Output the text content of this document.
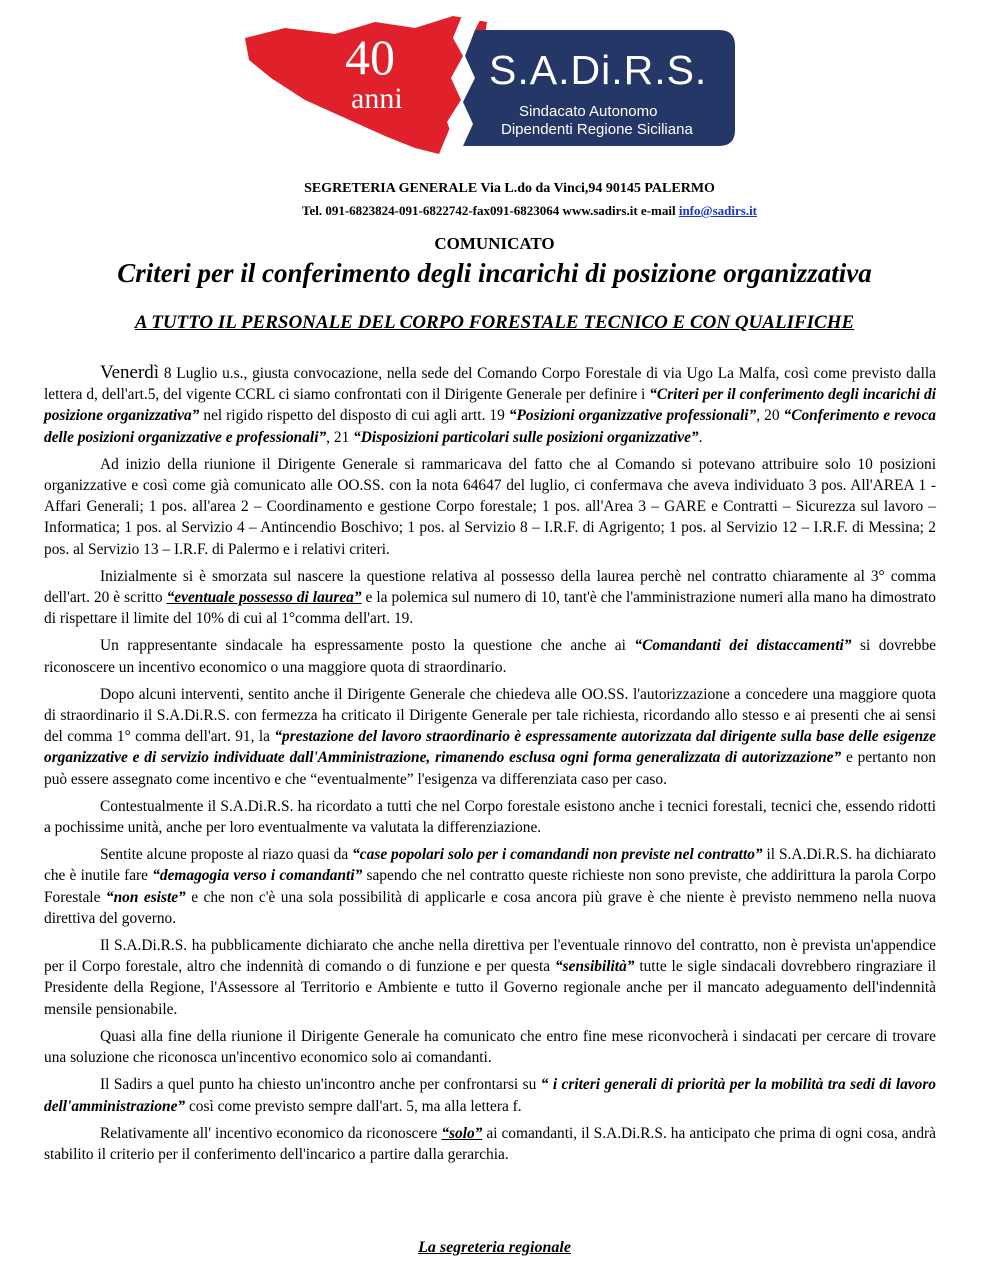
40
anni
S.A.Di.R.S.
Sindacato Autonomo
Dipendenti Regione Siciliana
SEGRETERIA GENERALE Via L.do da Vinci,94 90145 PALERMO
Tel. 091-6823824-091-6822742-fax091-6823064 www.sadirs.it e-mail info@sadirs.it
COMUNICATO
Criteri per il conferimento degli incarichi di posizione organizzativa
A TUTTO IL PERSONALE DEL CORPO FORESTALE TECNICO E CON QUALIFICHE

Venerdì 8 Luglio u.s., giusta convocazione, nella sede del Comando Corpo Forestale di via Ugo La Malfa, così come previsto dalla lettera d, dell'art.5, del vigente CCRL ci siamo confrontati con il Dirigente Generale per definire i “Criteri per il conferimento degli incarichi di posizione organizzativa” nel rigido rispetto del disposto di cui agli artt. 19 “Posizioni organizzative professionali”, 20 “Conferimento e revoca delle posizioni organizzative e professionali”, 21 “Disposizioni particolari sulle posizioni organizzative”.

Ad inizio della riunione il Dirigente Generale si rammaricava del fatto che al Comando si potevano attribuire solo 10 posizioni organizzative e così come già comunicato alle OO.SS. con la nota 64647 del luglio, ci confermava che aveva individuato 3 pos. All'AREA 1 - Affari Generali; 1 pos. all'area 2 – Coordinamento e gestione Corpo forestale; 1 pos. all'Area 3 – GARE e Contratti – Sicurezza sul lavoro – Informatica; 1 pos. al Servizio 4 – Antincendio Boschivo; 1 pos. al Servizio 8 – I.R.F. di Agrigento; 1 pos. al Servizio 12 – I.R.F. di Messina; 2 pos. al Servizio 13 – I.R.F. di Palermo e i relativi criteri.

Inizialmente si è smorzata sul nascere la questione relativa al possesso della laurea perchè nel contratto chiaramente al 3° comma dell'art. 20 è scritto “eventuale possesso di laurea” e la polemica sul numero di 10, tant'è che l'amministrazione numeri alla mano ha dimostrato di rispettare il limite del 10% di cui al 1°comma dell'art. 19.

Un rappresentante sindacale ha espressamente posto la questione che anche ai “Comandanti dei distaccamenti” si dovrebbe riconoscere un incentivo economico o una maggiore quota di straordinario.

Dopo alcuni interventi, sentito anche il Dirigente Generale che chiedeva alle OO.SS. l'autorizzazione a concedere una maggiore quota di straordinario il S.A.Di.R.S. con fermezza ha criticato il Dirigente Generale per tale richiesta, ricordando allo stesso e ai presenti che ai sensi del comma 1° comma dell'art. 91, la “prestazione del lavoro straordinario è espressamente autorizzata dal dirigente sulla base delle esigenze organizzative e di servizio individuate dall'Amministrazione, rimanendo esclusa ogni forma generalizzata di autorizzazione” e pertanto non può essere assegnato come incentivo e che “eventualmente” l'esigenza va differenziata caso per caso.

Contestualmente il S.A.Di.R.S. ha ricordato a tutti che nel Corpo forestale esistono anche i tecnici forestali, tecnici che, essendo ridotti a pochissime unità, anche per loro eventualmente va valutata la differenziazione.

Sentite alcune proposte al riazo quasi da “case popolari solo per i comandandi non previste nel contratto” il S.A.Di.R.S. ha dichiarato che è inutile fare “demagogia verso i comandanti” sapendo che nel contratto queste richieste non sono previste, che addirittura la parola Corpo Forestale “non esiste” e che non c'è una sola possibilità di applicarle e cosa ancora più grave è che niente è previsto nemmeno nella nuova direttiva del governo.

Il S.A.Di.R.S. ha pubblicamente dichiarato che anche nella direttiva per l'eventuale rinnovo del contratto, non è prevista un'appendice per il Corpo forestale, altro che indennità di comando o di funzione e per questa “sensibilità” tutte le sigle sindacali dovrebbero ringraziare il Presidente della Regione, l'Assessore al Territorio e Ambiente e tutto il Governo regionale anche per il mancato adeguamento dell'indennità mensile pensionabile.

Quasi alla fine della riunione il Dirigente Generale ha comunicato che entro fine mese riconvocherà i sindacati per cercare di trovare una soluzione che riconosca un'incentivo economico solo ai comandanti.

Il Sadirs a quel punto ha chiesto un'incontro anche per confrontarsi su “ i criteri generali di priorità per la mobilità tra sedi di lavoro dell'amministrazione” così come previsto sempre dall'art. 5, ma alla lettera f.

Relativamente all' incentivo economico da riconoscere “solo” ai comandanti, il S.A.Di.R.S. ha anticipato che prima di ogni cosa, andrà stabilito il criterio per il conferimento dell'incarico a partire dalla gerarchia.

La segreteria regionale
